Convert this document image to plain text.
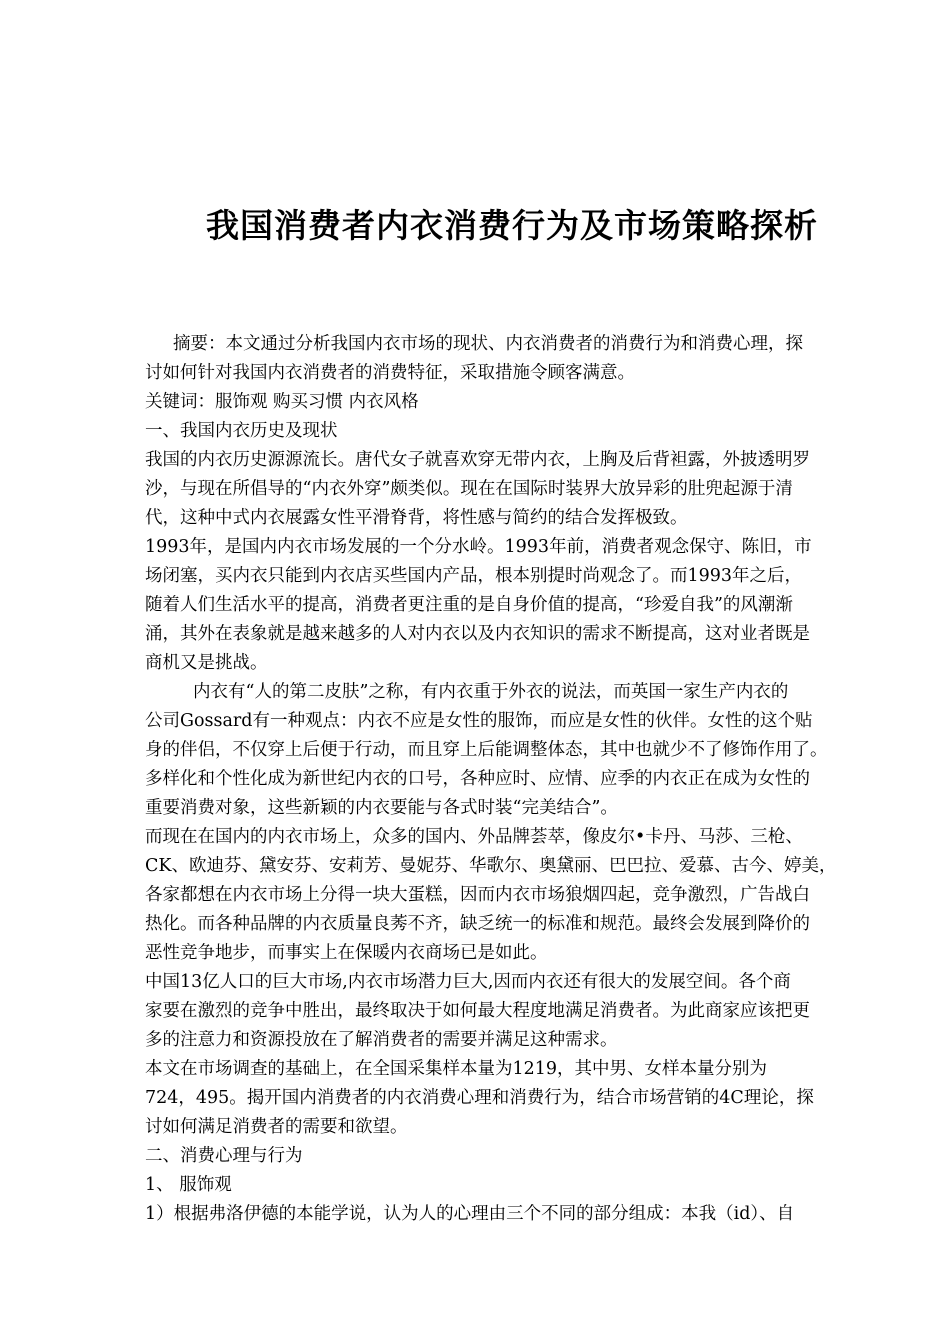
我国消费者内衣消费行为及市场策略探析
摘要：本文通过分析我国内衣市场的现状、内衣消费者的消费行为和消费心理，探
讨如何针对我国内衣消费者的消费特征，采取措施令顾客满意。
关键词：服饰观 购买习惯 内衣风格
一、我国内衣历史及现状
我国的内衣历史源源流长。唐代女子就喜欢穿无带内衣，上胸及后背袒露，外披透明罗
沙，与现在所倡导的“内衣外穿”颇类似。现在在国际时装界大放异彩的肚兜起源于清
代，这种中式内衣展露女性平滑脊背，将性感与简约的结合发挥极致。
1993年，是国内内衣市场发展的一个分水岭。1993年前，消费者观念保守、陈旧，市
场闭塞，买内衣只能到内衣店买些国内产品，根本别提时尚观念了。而1993年之后，
随着人们生活水平的提高，消费者更注重的是自身价值的提高，“珍爱自我”的风潮渐
涌，其外在表象就是越来越多的人对内衣以及内衣知识的需求不断提高，这对业者既是
商机又是挑战。
内衣有“人的第二皮肤”之称，有内衣重于外衣的说法，而英国一家生产内衣的
公司Gossard有一种观点：内衣不应是女性的服饰，而应是女性的伙伴。女性的这个贴
身的伴侣，不仅穿上后便于行动，而且穿上后能调整体态，其中也就少不了修饰作用了。
多样化和个性化成为新世纪内衣的口号，各种应时、应情、应季的内衣正在成为女性的
重要消费对象，这些新颖的内衣要能与各式时装“完美结合”。
而现在在国内的内衣市场上，众多的国内、外品牌荟萃，像皮尔•卡丹、马莎、三枪、
CK、欧迪芬、黛安芬、安莉芳、曼妮芬、华歌尔、奥黛丽、巴巴拉、爱慕、古今、婷美，
各家都想在内衣市场上分得一块大蛋糕，因而内衣市场狼烟四起，竞争激烈，广告战白
热化。而各种品牌的内衣质量良莠不齐，缺乏统一的标准和规范。最终会发展到降价的
恶性竞争地步，而事实上在保暖内衣商场已是如此。
中国13亿人口的巨大市场,内衣市场潜力巨大,因而内衣还有很大的发展空间。各个商
家要在激烈的竞争中胜出，最终取决于如何最大程度地满足消费者。为此商家应该把更
多的注意力和资源投放在了解消费者的需要并满足这种需求。
本文在市场调查的基础上，在全国采集样本量为1219，其中男、女样本量分别为
724，495。揭开国内消费者的内衣消费心理和消费行为，结合市场营销的4C理论，探
讨如何满足消费者的需要和欲望。
二、消费心理与行为
1、 服饰观
1）根据弗洛伊德的本能学说，认为人的心理由三个不同的部分组成：本我（id）、自
